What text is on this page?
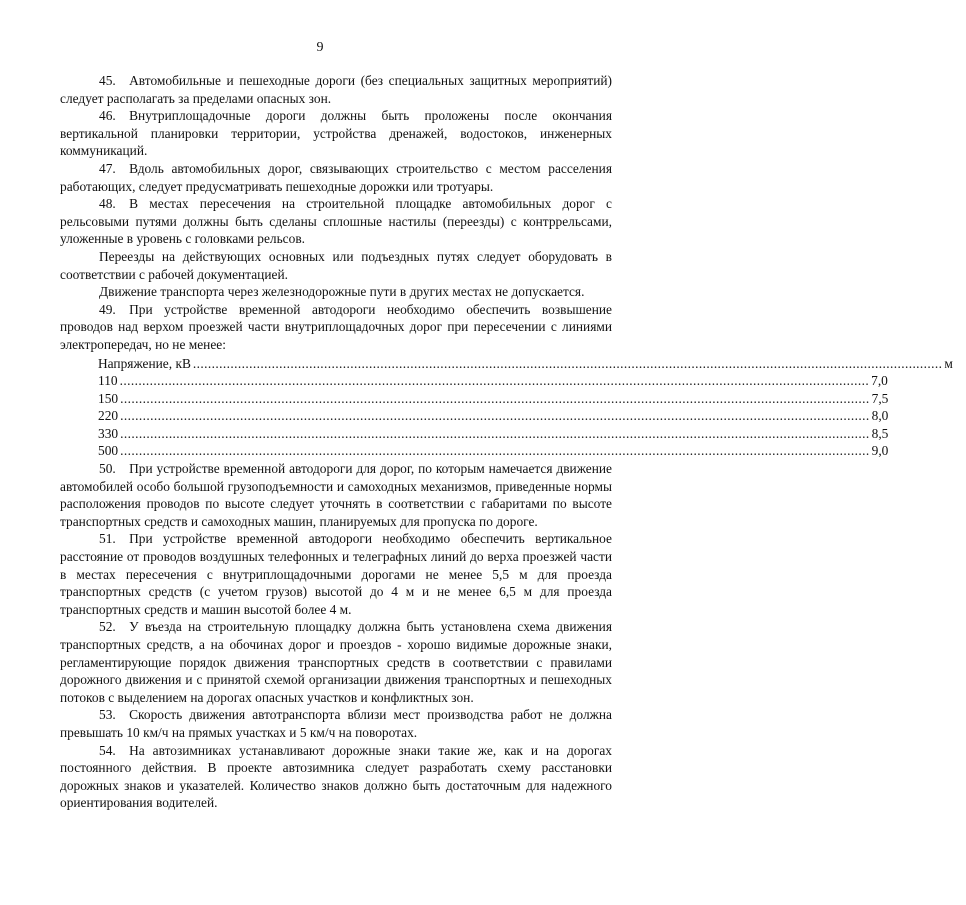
9

45. Автомобильные и пешеходные дороги (без специальных защитных мероприятий) следует располагать за пределами опасных зон.

46. Внутриплощадочные дороги должны быть проложены после окончания вертикальной планировки территории, устройства дренажей, водостоков, инженерных коммуникаций.

47. Вдоль автомобильных дорог, связывающих строительство с местом расселения работающих, следует предусматривать пешеходные дорожки или тротуары.

48. В местах пересечения на строительной площадке автомобильных дорог с рельсовыми путями должны быть сделаны сплошные настилы (переезды) с контррельсами, уложенные в уровень с головками рельсов.

Переезды на действующих основных или подъездных путях следует оборудовать в соответствии с рабочей документацией.

Движение транспорта через железнодорожные пути в других местах не допускается.

49. При устройстве временной автодороги необходимо обеспечить возвышение проводов над верхом проезжей части внутриплощадочных дорог при пересечении с линиями электропередач, но не менее:

Напряжение, кВ ........................................................................................................................................................................................................ м
110 ........................................................................................................................................................................................................ 7,0
150 ........................................................................................................................................................................................................ 7,5
220 ........................................................................................................................................................................................................ 8,0
330 ........................................................................................................................................................................................................ 8,5
500 ........................................................................................................................................................................................................ 9,0

50. При устройстве временной автодороги для дорог, по которым намечается движение автомобилей особо большой грузоподъемности и самоходных механизмов, приведенные нормы расположения проводов по высоте следует уточнять в соответствии с габаритами по высоте транспортных средств и самоходных машин, планируемых для пропуска по дороге.

51. При устройстве временной автодороги необходимо обеспечить вертикальное расстояние от проводов воздушных телефонных и телеграфных линий до верха проезжей части в местах пересечения с внутриплощадочными дорогами не менее 5,5 м для проезда транспортных средств (с учетом грузов) высотой до 4 м и не менее 6,5 м для проезда транспортных средств и машин высотой более 4 м.

52. У въезда на строительную площадку должна быть установлена схема движения транспортных средств, а на обочинах дорог и проездов - хорошо видимые дорожные знаки, регламентирующие порядок движения транспортных средств в соответствии с правилами дорожного движения и с принятой схемой организации движения транспортных и пешеходных потоков с выделением на дорогах опасных участков и конфликтных зон.

53. Скорость движения автотранспорта вблизи мест производства работ не должна превышать 10 км/ч на прямых участках и 5 км/ч на поворотах.

54. На автозимниках устанавливают дорожные знаки такие же, как и на дорогах постоянного действия. В проекте автозимника следует разработать схему расстановки дорожных знаков и указателей. Количество знаков должно быть достаточным для надежного ориентирования водителей.
